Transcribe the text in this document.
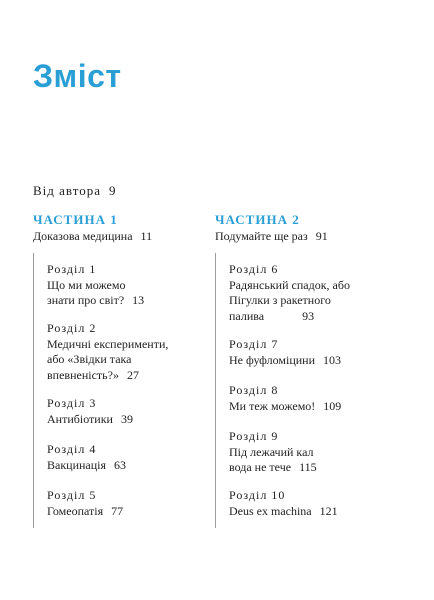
Зміст
Від автора 9
ЧАСТИНА 1
Доказова медицина 11
Розділ 1
Що ми можемо
знати про світ? 13
Розділ 2
Медичні експерименти,
або «Звідки така
впевненість?» 27
Розділ 3
Антибіотики 39
Розділ 4
Вакцинація 63
Розділ 5
Гомеопатія 77
ЧАСТИНА 2
Подумайте ще раз 91
Розділ 6
Радянський спадок, або
Пігулки з ракетного
палива	93
Розділ 7
Не фуфломіцини 103
Розділ 8
Ми теж можемо! 109
Розділ 9
Під лежачий кал
вода не тече 115
Розділ 10
Deus ex machina 121
